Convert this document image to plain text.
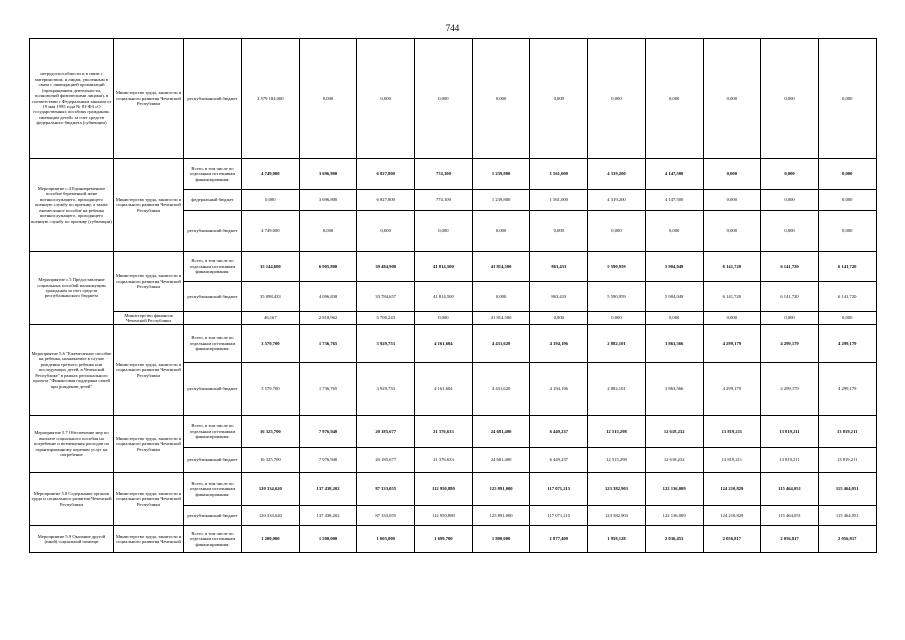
744
нетрудоспособности и в связи с материнством, и лицам, уволенным в связи с ликвидацией организаций (прекращением деятельности, полномочий физическими лицами), в соответствии с Федеральным законом от 19 мая 1995 года № 81-ФЗ «О государственных пособиях гражданам, имеющим детей» за счет средств федерального бюджета (субвенции)	Министерство труда, занятости и социального развития Чеченской Республики	республиканский бюджет	2 579 184,000	0,000	0,000	0,000	0,000	0,000	0,000	0,000	0,000	0,000	0,000
Мероприятие с.4 Единовременное пособие беременной жене военнослужащего, проходящего военную службу по призыву, а также ежемесячное пособие на ребенка военнослужащего, проходящего военную службу по призыву (субвенции)	Министерство труда, занятости и социального развития Чеченской Республики	Всего, в том числе по отдельным источникам финансирования:	4 749,000	3 696,800	6 827,800	774,100	1 239,800	1 561,000	4 319,200	4 147,500	0,000	0,000	0,000
		федеральный бюджет	0,000	3 696,800	6 827,800	774,100	1 239,800	1 561,000	4 319,200	4 147,500	0,000	0,000	0,000
		республиканский бюджет	4 749,000	0,000	0,000	0,000	0,000	0,000	0,000	0,000	0,000	0,000	0,000
Мероприятие с.5 Предоставление социальных пособий малоимущим гражданам за счет средств республиканского бюджета	Министерство труда, занятости и социального развития Чеченской Республики	Всего, в том числе по отдельным источникам финансирования:	35 144,600	6 905,800	39 484,900	41 814,500	41 814,500	863,433	5 590,959	5 904,049	6 141,720	6 141,720	6 141,720
		республиканский бюджет	35 098,433	4 096,838	33 784,657	41 814,500	0,000	863,433	5 590,959	5 904,049	6 141,720	6 141,720	6 141,720
	Министерство финансов Чеченской Республики		46,167	2 810,962	5 700,243	0,000	41 814,500	0,000	0,000	0,000	0,000	0,000	0,000
Мероприятие 5.6 "Ежемесячное пособие на ребенка, назначаемое в случае рождения третьего ребенка или последующих детей, в Чеченской Республике" в рамках регионального проекта "Финансовая поддержка семей при рождении детей"	Министерство труда, занятости и социального развития Чеченской Республики	Всего, в том числе по отдельным источникам финансирования:	3 579,700	1 736,765	3 929,753	4 161,604	4 431,620	4 194,196	2 882,101	3 863,566	4 299,179	4 299,179	4 299,179
		республиканский бюджет	3 579,700	1 736,765	3 929,753	4 161,604	4 431,620	4 194,196	2 882,101	3 863,566	4 299,179	4 299,179	4 299,179
Мероприятие 5.7 Обеспечение мер по выплате социального пособия на погребение и возмещения расходов по гарантированному перечню услуг на погребение	Министерство труда, занятости и социального развития Чеченской Республики	Всего, в том числе по отдельным источникам финансирования:	16 325,700	7 976,940	20 185,677	21 376,633	24 681,400	6 449,237	12 515,298	12 618,232	13 819,211	13 819,211	13 819,211
		республиканский бюджет	16 325,700	7 976,940	20 185,677	21 376,633	24 681,400	6 449,237	12 515,298	12 618,232	13 819,211	13 819,211	13 819,211
Мероприятие 5.8 Содержание органов труда и социального развития Чеченской Республики	Министерство труда, занятости и социального развития Чеченской Республики	Всего, в том числе по отдельным источникам финансирования:	120 334,620	137 438,202	87 333,055	112 950,880	125 891,000	117 071,215	123 382,903	122 136,009	124 210,829	115 464,051	115 464,051
		республиканский бюджет	120 334,620	137 438,202	87 333,055	112 950,880	125 891,000	117 071,215	123 382,903	122 136,009	124 210,829	115 464,051	115 464,051
Мероприятие 5.9 Оказание другой (иной) социальной помощи	Министерство труда, занятости и социального развития Чеченской	Всего, в том числе по отдельным источникам финансирования:	1 200,000	1 500,000	1 605,000	1 699,700	1 800,000	1 877,400	1 958,128	2 036,453	2 056,817	2 056,817	2 056,817
